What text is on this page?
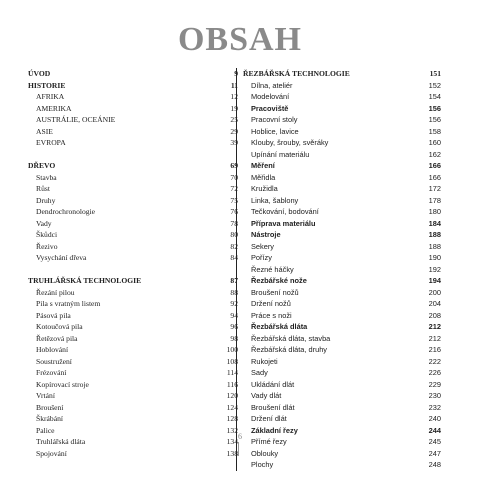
OBSAH
ÚVOD	9
HISTORIE	11
AFRIKA	12
AMERIKA	19
AUSTRÁLIE, OCEÁNIE	25
ASIE	29
EVROPA	39
DŘEVO	69
Stavba	70
Růst	72
Druhy	75
Dendrochronologie	76
Vady	78
Škůdci	80
Řezivo	82
Vysychání dřeva	84
TRUHLÁŘSKÁ TECHNOLOGIE	87
Řezání pilou	88
Pila s vratným listem	92
Pásová pila	94
Kotoučová pila	96
Řetězová pila	98
Hoblování	100
Soustružení	108
Frézování	114
Kopírovací stroje	116
Vrtání	120
Broušení	124
Škrábání	128
Palice	132
Truhlářská dláta	134
Spojování	138
ŘEZBÁŘSKÁ TECHNOLOGIE	151
Dílna, ateliér	152
Modelování	154
Pracoviště	156
Pracovní stoly	156
Hoblice, lavice	158
Klouby, šrouby, svěráky	160
Upínání materiálu	162
Měření	166
Měřidla	166
Kružidla	172
Linka, šablony	178
Tečkování, bodování	180
Příprava materiálu	184
Nástroje	188
Sekery	188
Pořízy	190
Řezné háčky	192
Řezbářské nože	194
Broušení nožů	200
Držení nožů	204
Práce s noži	208
Řezbářská dláta	212
Řezbářská dláta, stavba	212
Řezbářská dláta, druhy	216
Rukojeti	222
Sady	226
Ukládání dlát	229
Vady dlát	230
Broušení dlát	232
Držení dlát	240
Základní řezy	244
Přímé řezy	245
Oblouky	247
Plochy	248
6
